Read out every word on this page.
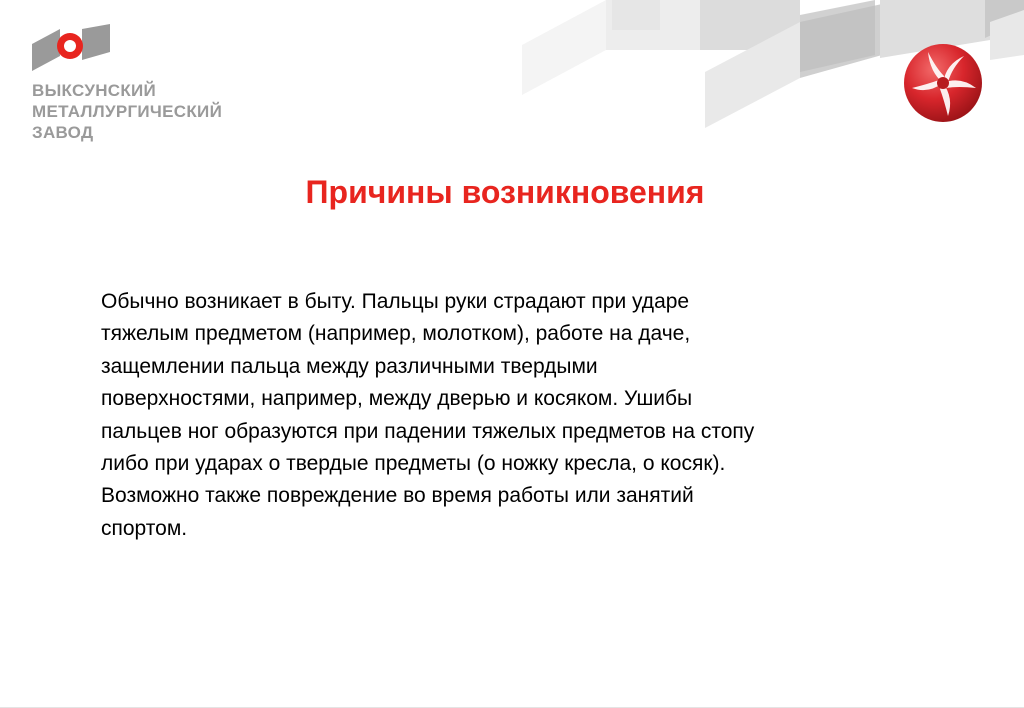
ВЫКСУНСКИЙ
МЕТАЛЛУРГИЧЕСКИЙ
ЗАВОД
Причины возникновения
Обычно возникает в быту. Пальцы руки страдают при ударе
тяжелым предметом (например, молотком), работе на даче,
защемлении пальца между различными твердыми
поверхностями, например, между дверью и косяком. Ушибы
пальцев ног образуются при падении тяжелых предметов на стопу
либо при ударах о твердые предметы (о ножку кресла, о косяк).
Возможно также повреждение во время работы или занятий
спортом.
